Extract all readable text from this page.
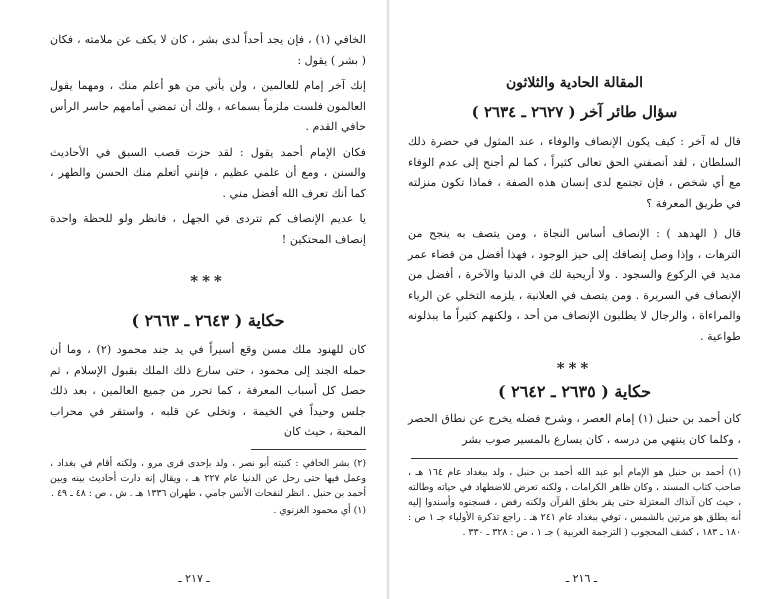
الخافي (١) ، فإن يجد أحداً لدى بشر ، كان لا يكف عن ملامته ، فكان ( بشر ) يقول :

إنك آخر إمام للعالمين ، ولن يأتي من هو أعلم منك ، ومهما يقول العالمون فلست ملزماً بسماعه ، ولك أن تمضي أمامهم حاسر الرأس حافي القدم .

فكان الإمام أحمد يقول : لقد حزت قصب السبق في الأحاديث والسنن ، ومع أن علمي عظيم ، فإنني أتعلم منك الحسن والطهر ، كما أنك تعرف الله أفضل مني .

يا عديم الإنصاف كم تتردى في الجهل ، فانظر ولو للحظة واحدة إنصاف المحتكين !

***
حكاية ( ٢٦٤٣ ـ ٢٦٦٣ )

كان للهنود ملك مسن وقع أسيراً في يد جند محمود (٢) ، وما أن حمله الجند إلى محمود ، حتى سارع ذلك الملك بقبول الإسلام ، ثم حصل كل أسباب المعرفة ، كما تحرر من جميع العالمين ، بعد ذلك جلس وحيداً في الخيمة ، وتخلى عن قلبه ، واستقر في محراب المحبة ، حيث كان

(٢) بشر الحافي : كنيته أبو نصر ، ولد بإحدى قرى مرو ، ولكنه أقام في بغداد ، وعمل فيها حتى رحل عن الدنيا عام ٢٢٧ هـ ، ويقال إنه دارت أحاديث بينه وبين أحمد بن حنبل . انظر لنفحات الأنس جامي ، طهران ١٣٣٦ هـ . ش ، ص : ٤٨ ـ ٤٩ .

(١) أي محمود الغزنوي .

ـ ٢١٧ ـ
المقالة الحادية والثلاثون
سؤال طائر آخر ( ٢٦٢٧ ـ ٢٦٣٤ )

قال له آخر : كيف يكون الإنصاف والوفاء ، عند المثول في حضرة ذلك السلطان ، لقد أنصفني الحق تعالى كثيراً ، كما لم أجنح إلى عدم الوفاء مع أي شخص ، فإن تجتمع لدى إنسان هذه الصفة ، فماذا تكون منزلته في طريق المعرفة ؟

قال ( الهدهد ) : الإنصاف أساس النجاة ، ومن يتصف به ينجح من الترهات ، وإذا وصل إنصافك إلى حيز الوجود ، فهذا أفضل من قضاء عمر مديد في الركوع والسجود . ولا أريحية لك في الدنيا والآخرة ، أفضل من الإنصاف في السريرة . ومن يتصف في العلانية ، يلزمه التخلي عن الرياء والمراءاة ، والرجال لا يطلبون الإنصاف من أحد ، ولكنهم كثيراً ما يبذلونه طواعية .

***
حكاية ( ٢٦٣٥ ـ ٢٦٤٢ )

كان أحمد بن حنبل (١) إمام العصر ، وشرح فضله يخرج عن نطاق الحصر ، وكلما كان ينتهي من درسه ، كان يسارع بالمسير صوب بشر

(١) أحمد بن حنبل هو الإمام أبو عبد الله أحمد بن حنبل ، ولد ببغداد عام ١٦٤ هـ ، صاحب كتاب المسند ، وكان ظاهر الكرامات ، ولكنه تعرض للاضطهاد في حياته وطالته ، حيث كان آنذاك المعتزلة حتى يقر بخلق القرآن ولكنه رفض ، فسجنوه وأسندوا إليه أنه يطلق هو مرتين بالشمس ، توفي ببغداد عام ٢٤١ هـ . راجع تذكرة الأولياء جـ ١ ص : ١٨٠ ـ ١٨٣ ، كشف المحجوب ( الترجمة العربية ) جـ ١ ، ص : ٣٢٨ ـ ٣٣٠ .

ـ ٢١٦ ـ
